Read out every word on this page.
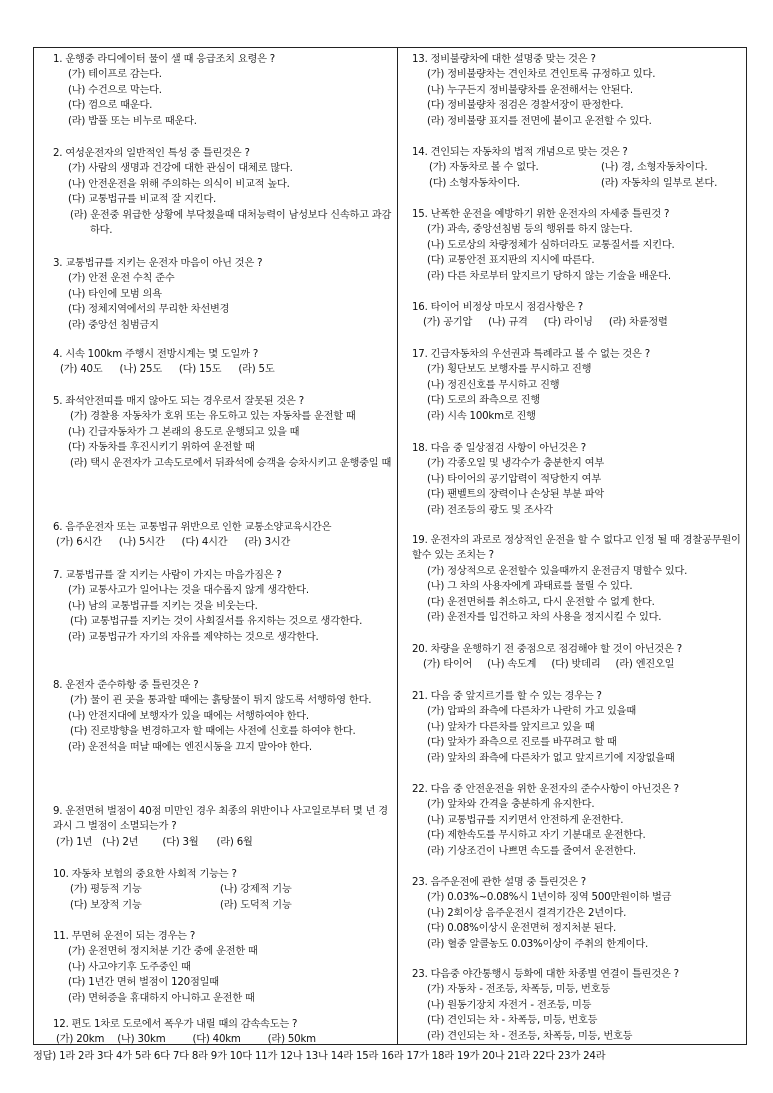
1. 운행중 라디에이터 물이 샐 때 응급조치 요령은 ?
(가) 테이프로 감는다.
(나) 수건으로 막는다.
(다) 껌으로 때운다.
(라) 밥풀 또는 비누로 때운다.
2. 여성운전자의 일반적인 특성 중 틀린것은 ?
(가) 사람의 생명과 건강에 대한 관심이 대체로 많다.
(나) 안전운전을 위해 주의하는 의식이 비교적 높다.
(다) 교통법규를 비교적 잘 지킨다.
(라) 운전중 위급한 상황에 부닥쳤을때 대처능력이 남성보다 신속하고 과감하다.
3. 교통법규를 지키는 운전자 마음이 아닌 것은 ?
(가) 안전 운전 수칙 준수
(나) 타인에 모범 의욕
(다) 정체지역에서의 무리한 차선변경
(라) 중앙선 침범금지
4. 시속 100km 주행시 전방시계는 몇 도일까 ?
(가) 40도 (나) 25도 (다) 15도 (라) 5도
5. 좌석안전띠를 매지 않아도 되는 경우로서 잘못된 것은 ?
(가) 경찰용 자동차가 호위 또는 유도하고 있는 자동차를 운전할 때
(나) 긴급자동차가 그 본래의 용도로 운행되고 있을 때
(다) 자동차를 후진시키기 위하여 운전할 때
(라) 택시 운전자가 고속도로에서 뒤좌석에 승객을 승차시키고 운행중일 때
6. 음주운전자 또는 교통법규 위반으로 인한 교통소양교육시간은
(가) 6시간 (나) 5시간 (다) 4시간 (라) 3시간
7. 교통법규를 잘 지키는 사람이 가지는 마음가짐은 ?
(가) 교통사고가 일어나는 것을 대수롭지 않게 생각한다.
(나) 남의 교통법규를 지키는 것을 비웃는다.
(다) 교통법규를 지키는 것이 사회질서를 유지하는 것으로 생각한다.
(라) 교통법규가 자기의 자유를 제약하는 것으로 생각한다.
8. 운전자 준수하항 중 틀린것은 ?
(가) 물이 괸 곳을 통과할 때에는 흙탕물이 튀지 않도록 서행하영 한다.
(나) 안전지대에 보행자가 있을 때에는 서행하여야 한다.
(다) 진로방향을 변경하고자 할 때에는 사전에 신호를 하여야 한다.
(라) 운전석을 떠날 때에는 엔진시동을 끄지 말아야 한다.
9. 운전면허 벌점이 40점 미만인 경우 최종의 위반이나 사고일로부터 몇 년 경과시 그 벌점이 소멸되는가 ?
(가) 1년 (나) 2년 (다) 3월 (라) 6월
10. 자동차 보험의 중요한 사회적 기능는 ?
(가) 평등적 기능	(나) 강제적 기능
(다) 보장적 기능	(라) 도덕적 기능
11. 무면허 운전이 되는 경우는 ?
(가) 운전면허 정지처분 기간 중에 운전한 때
(나) 사고야기후 도주중인 때
(다) 1년간 면허 벌점이 120점일때
(라) 면허증을 휴대하지 아니하고 운전한 때
12. 편도 1차로 도로에서 폭우가 내릴 때의 감속속도는 ?
(가) 20km (나) 30km	(다) 40km	(라) 50km
13. 정비불량차에 대한 설명중 맞는 것은 ?
(가) 정비불량차는 견인차로 견인토록 규정하고 있다.
(나) 누구든지 정비불량차를 운전해서는 안된다.
(다) 정비불량차 점검은 경찰서장이 판정한다.
(라) 정비불량 표지를 전면에 붙이고 운전할 수 있다.
14. 견인되는 자동차의 법적 개념으로 맞는 것은 ?
(가) 자동차로 볼 수 없다.	(나) 경, 소형자동차이다.
(다) 소형자동차이다.	(라) 자동차의 일부로 본다.
15. 난폭한 운전을 예방하기 위한 운전자의 자세중 틀린것 ?
(가) 과속, 중앙선침범 등의 행위를 하지 않는다.
(나) 도로상의 차량정체가 심하더라도 교통질서를 지킨다.
(다) 교통안전 표지판의 지시에 따른다.
(라) 다른 차로부터 앞지르기 당하지 않는 기술을 배운다.
16. 타이어 비정상 마모시 점검사항은 ?
(가) 공기압 (나) 규격 (다) 라이닝 (라) 차륜정렬
17. 긴급자동차의 우선권과 특례라고 볼 수 없는 것은 ?
(가) 횡단보도 보행자를 무시하고 진행
(나) 정진신호를 무시하고 진행
(다) 도로의 좌측으로 진행
(라) 시속 100km로 진행
18. 다음 중 일상점검 사항이 아닌것은 ?
(가) 각종오일 및 냉각수가 충분한지 여부
(나) 타이어의 공기압력이 적당한지 여부
(다) 팬벨트의 장력이나 손상된 부분 파악
(라) 전조등의 광도 및 조사각
19. 운전자의 과로로 정상적인 운전을 할 수 없다고 인정 될 때 경찰공무원이 할수 있는 조치는 ?
(가) 정상적으로 운전할수 있을때까지 운전금지 명할수 있다.
(나) 그 차의 사용자에게 과태료를 물릴 수 있다.
(다) 운전면허를 취소하고, 다시 운전할 수 없게 한다.
(라) 운전자를 입건하고 차의 사용을 정지시킬 수 있다.
20. 차량을 운행하기 전 중점으로 점검해야 할 것이 아닌것은 ?
(가) 타이어 (나) 속도계 (다) 밧데리 (라) 엔진오일
21. 다음 중 앞지르기를 할 수 있는 경우는 ?
(가) 압파의 좌측에 다른차가 나란히 가고 있을때
(나) 앞차가 다른차를 앞지르고 있을 때
(다) 앞차가 좌측으로 진로를 바꾸려고 할 때
(라) 앞차의 좌측에 다른차가 없고 앞지르기에 지장없을때
22. 다음 중 안전운전을 위한 운전자의 준수사항이 아닌것은 ?
(가) 앞차와 간격을 충분하게 유지한다.
(나) 교통법규를 지키면서 안전하게 운전한다.
(다) 제한속도를 무시하고 자기 기분대로 운전한다.
(라) 기상조건이 나쁘면 속도를 줄여서 운전한다.
23. 음주운전에 관한 설명 중 틀린것은 ?
(가) 0.03%~0.08%시 1년이하 징역 500만원이하 벌금
(나) 2회이상 음주운전시 결격기간은 2년이다.
(다) 0.08%이상시 운전면허 정지처분 된다.
(라) 혈중 알콜농도 0.03%이상이 주취의 한계이다.
23. 다음중 야간통행시 등화에 대한 차종별 연결이 틀린것은 ?
(가) 자동차 - 전조등, 차폭등, 미등, 번호등
(나) 원동기장치 자전거 - 전조등, 미등
(다) 견인되는 차 - 차폭등, 미등, 번호등
(라) 견인되는 차 - 전조등, 차폭등, 미등, 번호등
정답) 1라 2라 3다 4가 5라 6다 7다 8라 9가 10다 11가 12나 13나 14라 15라 16라 17가 18라 19가 20나 21라 22다 23가 24라
